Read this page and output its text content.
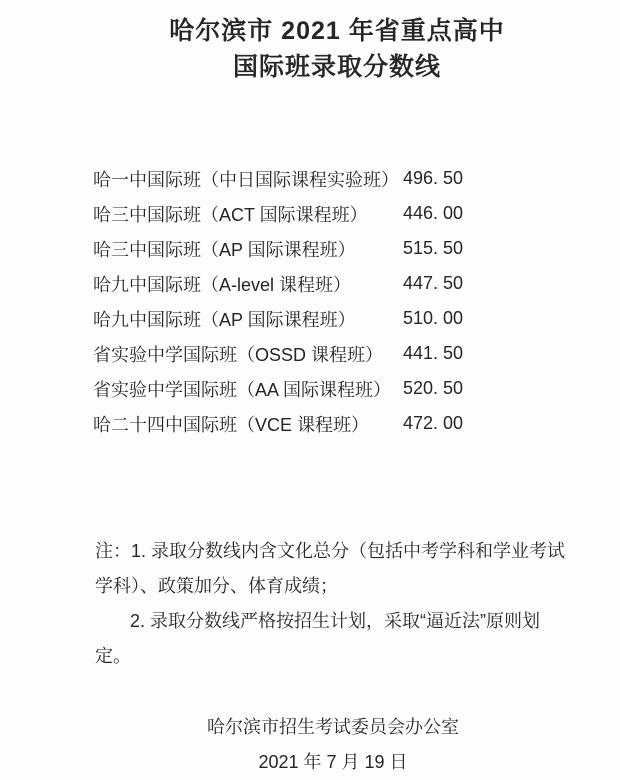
哈尔滨市 2021 年省重点高中
国际班录取分数线
哈一中国际班（中日国际课程实验班） 496. 50
哈三中国际班（ACT 国际课程班）	446. 00
哈三中国际班（AP 国际课程班）	515. 50
哈九中国际班（A-level 课程班）	447. 50
哈九中国际班（AP 国际课程班）	510. 00
省实验中学国际班（OSSD 课程班）	441. 50
省实验中学国际班（AA 国际课程班） 520. 50
哈二十四中国际班（VCE 课程班）	472. 00
注：1. 录取分数线内含文化总分（包括中考学科和学业考试
学科）、政策加分、体育成绩；
2. 录取分数线严格按招生计划，采取“逼近法”原则划
定。
哈尔滨市招生考试委员会办公室
2021 年 7 月 19 日
